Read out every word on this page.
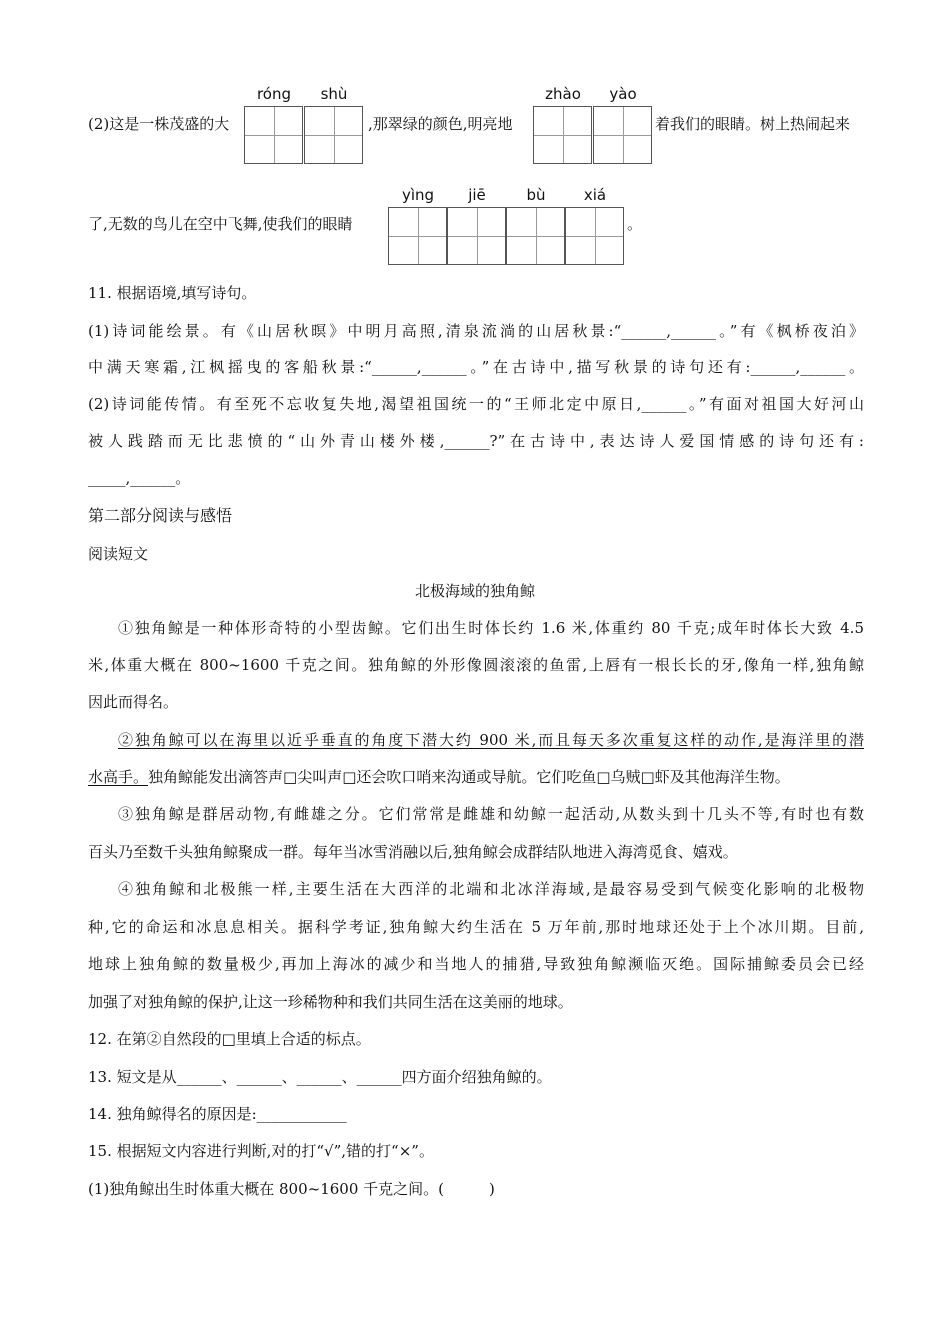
róng	shù
(2)这是一株茂盛的大	,那翠绿的颜色,明亮地
zhào	yào
着我们的眼睛。树上热闹起来
yìng	jiē	bù	xiá
了,无数的鸟儿在空中飞舞,使我们的眼睛	。
11. 根据语境,填写诗句。
(1)诗词能绘景。有《山居秋暝》中明月高照,清泉流淌的山居秋景:“______,______。”有《枫桥夜泊》
中满天寒霜,江枫摇曳的客船秋景:“______,______。”在古诗中,描写秋景的诗句还有:______,______。
(2)诗词能传情。有至死不忘收复失地,渴望祖国统一的“王师北定中原日,______。”有面对祖国大好河山
被人践踏而无比悲愤的“山外青山楼外楼,______?”在古诗中,表达诗人爱国情感的诗句还有:
_____,______。
第二部分阅读与感悟
阅读短文
北极海域的独角鲸
①独角鲸是一种体形奇特的小型齿鲸。它们出生时体长约 1.6 米,体重约 80 千克;成年时体长大致 4.5
米,体重大概在 800~1600 千克之间。独角鲸的外形像圆滚滚的鱼雷,上唇有一根长长的牙,像角一样,独角鲸
因此而得名。
②独角鲸可以在海里以近乎垂直的角度下潜大约 900 米,而且每天多次重复这样的动作,是海洋里的潜
水高手。独角鲸能发出滴答声□尖叫声□还会吹口哨来沟通或导航。它们吃鱼□乌贼□虾及其他海洋生物。
③独角鲸是群居动物,有雌雄之分。它们常常是雌雄和幼鲸一起活动,从数头到十几头不等,有时也有数
百头乃至数千头独角鲸聚成一群。每年当冰雪消融以后,独角鲸会成群结队地进入海湾觅食、嬉戏。
④独角鲸和北极熊一样,主要生活在大西洋的北端和北冰洋海域,是最容易受到气候变化影响的北极物
种,它的命运和冰息息相关。据科学考证,独角鲸大约生活在 5 万年前,那时地球还处于上个冰川期。目前,
地球上独角鲸的数量极少,再加上海冰的减少和当地人的捕猎,导致独角鲸濒临灭绝。国际捕鲸委员会已经
加强了对独角鲸的保护,让这一珍稀物种和我们共同生活在这美丽的地球。
12. 在第②自然段的□里填上合适的标点。
13. 短文是从______、______、______、______四方面介绍独角鲸的。
14. 独角鲸得名的原因是:____________
15. 根据短文内容进行判断,对的打“√”,错的打“×”。
(1)独角鲸出生时体重大概在 800~1600 千克之间。(　　　)
